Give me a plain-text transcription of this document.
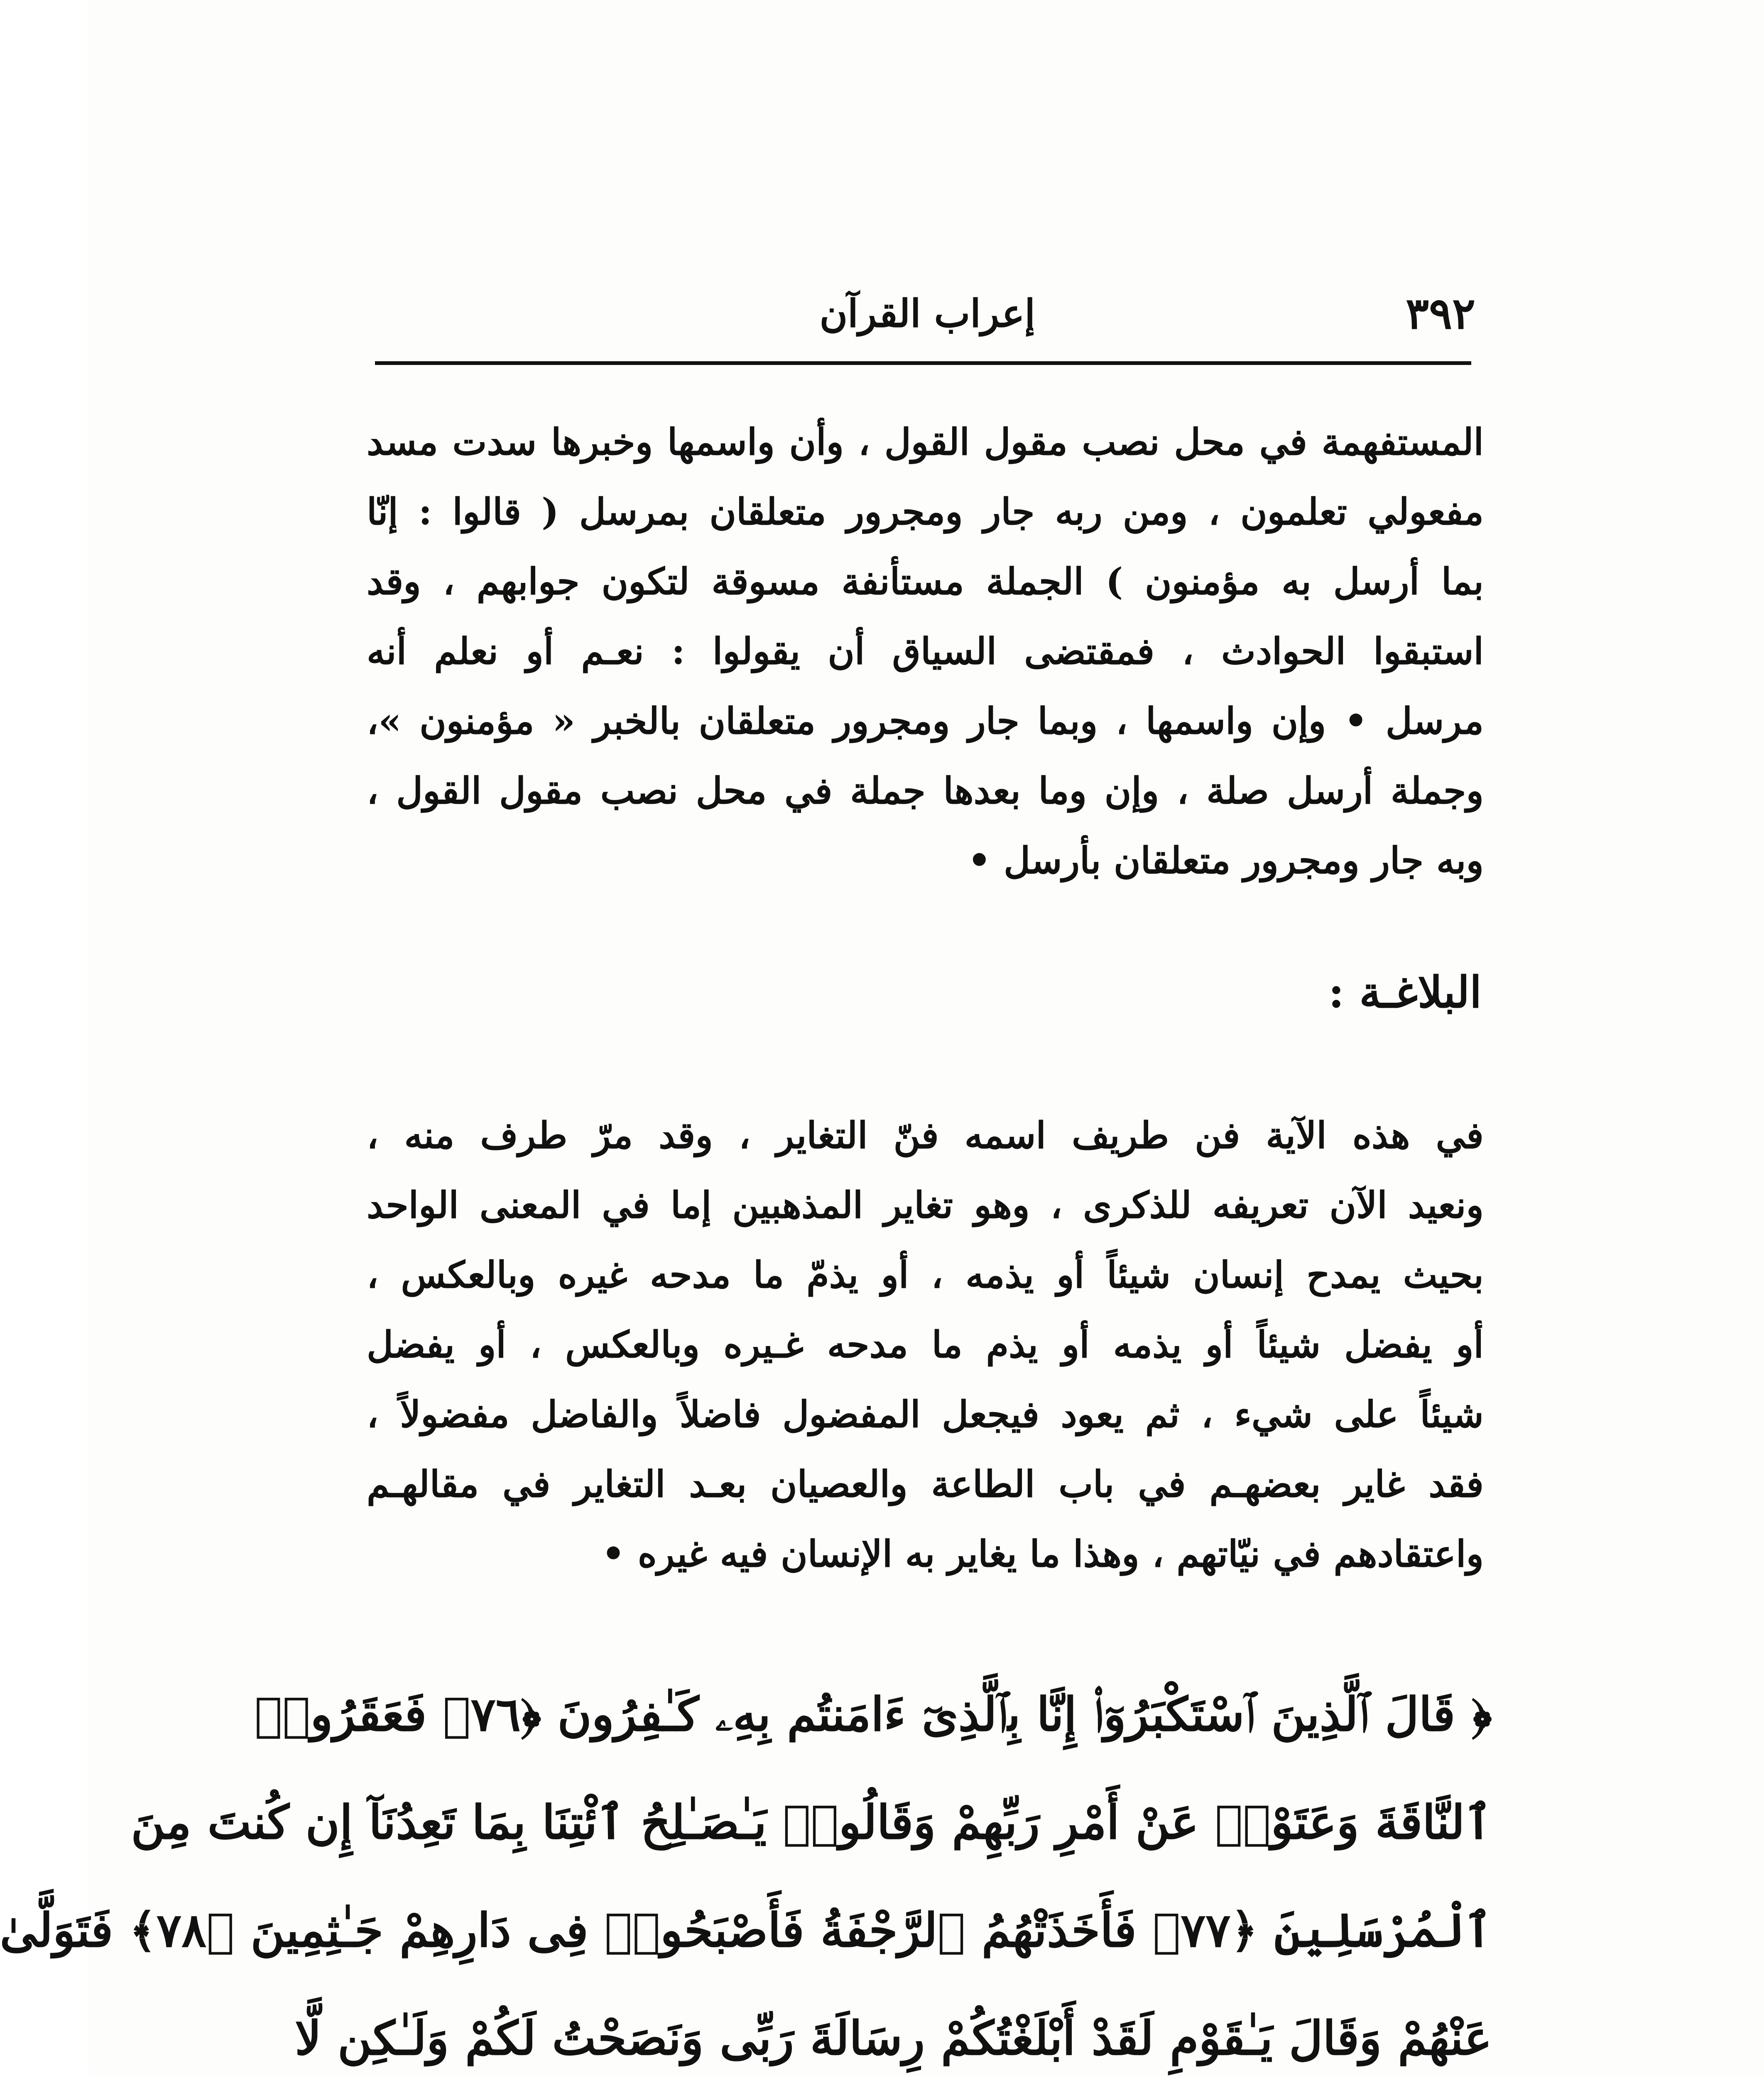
٣٩٢
إعراب القرآن
المستفهمة في محل نصب مقول القول ، وأن واسمها وخبرها سدت مسد
مفعولي تعلمون ، ومن ربه جار ومجرور متعلقان بمرسل ( قالوا : إنّا
بما أرسل به مؤمنون ) الجملة مستأنفة مسوقة لتكون جوابهم ، وقد
استبقوا الحوادث ، فمقتضى السياق أن يقولوا : نعـم أو نعلم أنه
مرسل • وإن واسمها ، وبما جار ومجرور متعلقان بالخبر « مؤمنون »،
وجملة أرسل صلة ، وإن وما بعدها جملة في محل نصب مقول القول ،
وبه جار ومجرور متعلقان بأرسل •
البلاغـة :
في هذه الآية فن طريف اسمه فنّ التغاير ، وقد مرّ طرف منه ،
ونعيد الآن تعريفه للذكرى ، وهو تغاير المذهبين إما في المعنى الواحد
بحيث يمدح إنسان شيئاً أو يذمه ، أو يذمّ ما مدحه غيره وبالعكس ،
أو يفضل شيئاً أو يذمه أو يذم ما مدحه غـيره وبالعكس ، أو يفضل
شيئاً على شيء ، ثم يعود فيجعل المفضول فاضلاً والفاضل مفضولاً ،
فقد غاير بعضهـم في باب الطاعة والعصيان بعـد التغاير في مقالهـم
واعتقادهم في نيّاتهم ، وهذا ما يغاير به الإنسان فيه غيره •
﴿ قَالَ ٱلَّذِينَ ٱسْتَكْبَرُوٓا۟ إِنَّا بِٱلَّذِىٓ ءَامَنتُم بِهِۦ كَـٰفِرُونَ ﴿٧٦﴾ فَعَقَرُوا۟
ٱلنَّاقَةَ وَعَتَوْا۟ عَنْ أَمْرِ رَبِّهِمْ وَقَالُوا۟ يَـٰصَـٰلِحُ ٱئْتِنَا بِمَا تَعِدُنَآ إِن كُنتَ مِنَ
ٱلْمُرْسَلِينَ ﴿٧٧﴾ فَأَخَذَتْهُمُ ٱلرَّجْفَةُ فَأَصْبَحُوا۟ فِى دَارِهِمْ جَـٰثِمِينَ ﴿٧٨﴾ فَتَوَلَّىٰ
عَنْهُمْ وَقَالَ يَـٰقَوْمِ لَقَدْ أَبْلَغْتُكُمْ رِسَالَةَ رَبِّى وَنَصَحْتُ لَكُمْ وَلَـٰكِن لَّا
